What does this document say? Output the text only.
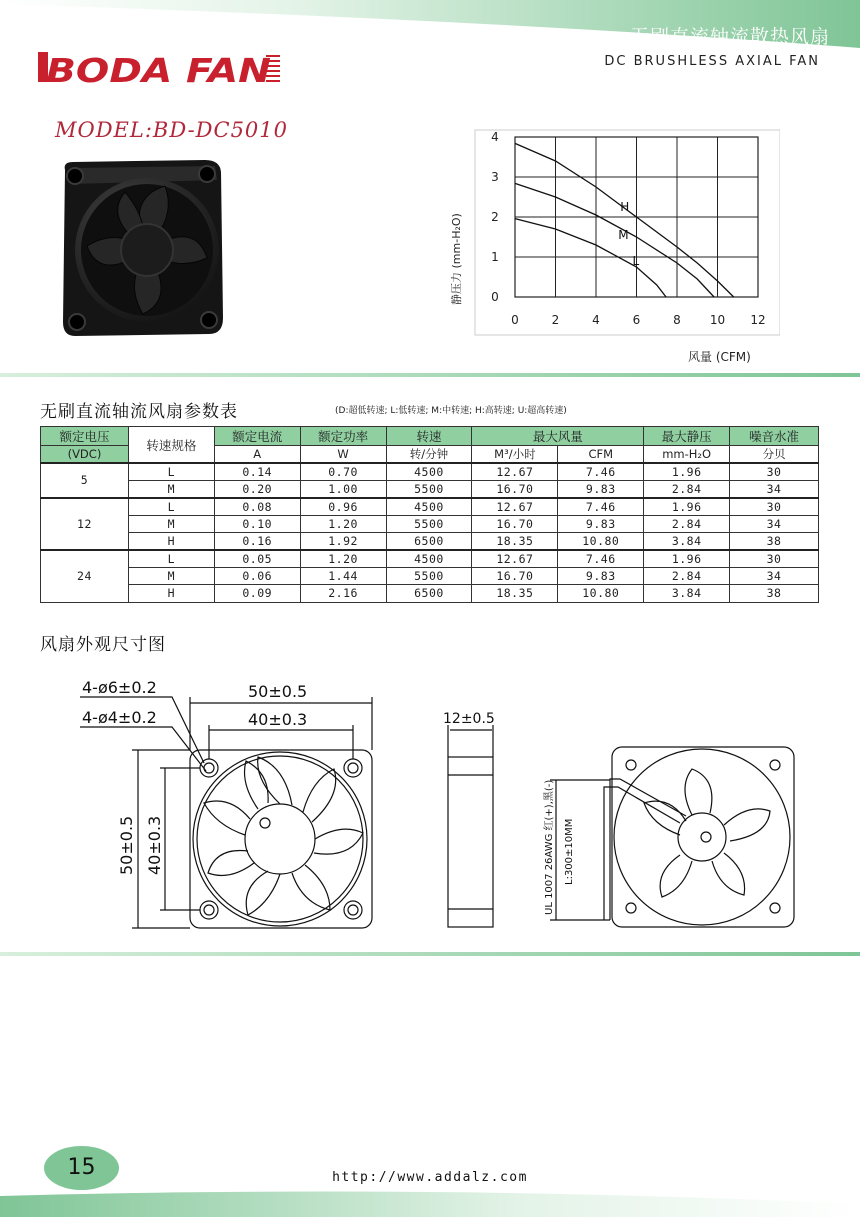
无刷直流轴流散热风扇
DC BRUSHLESS AXIAL FAN
BODA FAN
MODEL:BD-DC5010
H
M
L
0	2	4	6	8 10 12
0
1
2
3
4
静压力 (mm-H₂O)
风量 (CFM)
无刷直流轴流风扇参数表	(D:超低转速; L:低转速; M:中转速; H:高转速; U:超高转速)
额定电压	转速规格	额定电流	额定功率	转速	最大风量		最大静压	噪音水准
(VDC)		A	W	转/分钟	M³/小时	CFM	mm-H₂O	分贝
5	L	0.14	0.70	4500	12.67	7.46	1.96	30
	M	0.20	1.00	5500	16.70	9.83	2.84	34
12	L	0.08	0.96	4500	12.67	7.46	1.96	30
	M	0.10	1.20	5500	16.70	9.83	2.84	34
	H	0.16	1.92	6500	18.35	10.80	3.84	38
24	L	0.05	1.20	4500	12.67	7.46	1.96	30
	M	0.06	1.44	5500	16.70	9.83	2.84	34
	H	0.09	2.16	6500	18.35	10.80	3.84	38
风扇外观尺寸图
4-ø6±0.2
4-ø4±0.2
50±0.5
40±0.3	12±0.5
50±0.5 40±0.3	UL 1007 26AWG 红(+),黑(-) L:300±10MM
15	http://www.addalz.com
